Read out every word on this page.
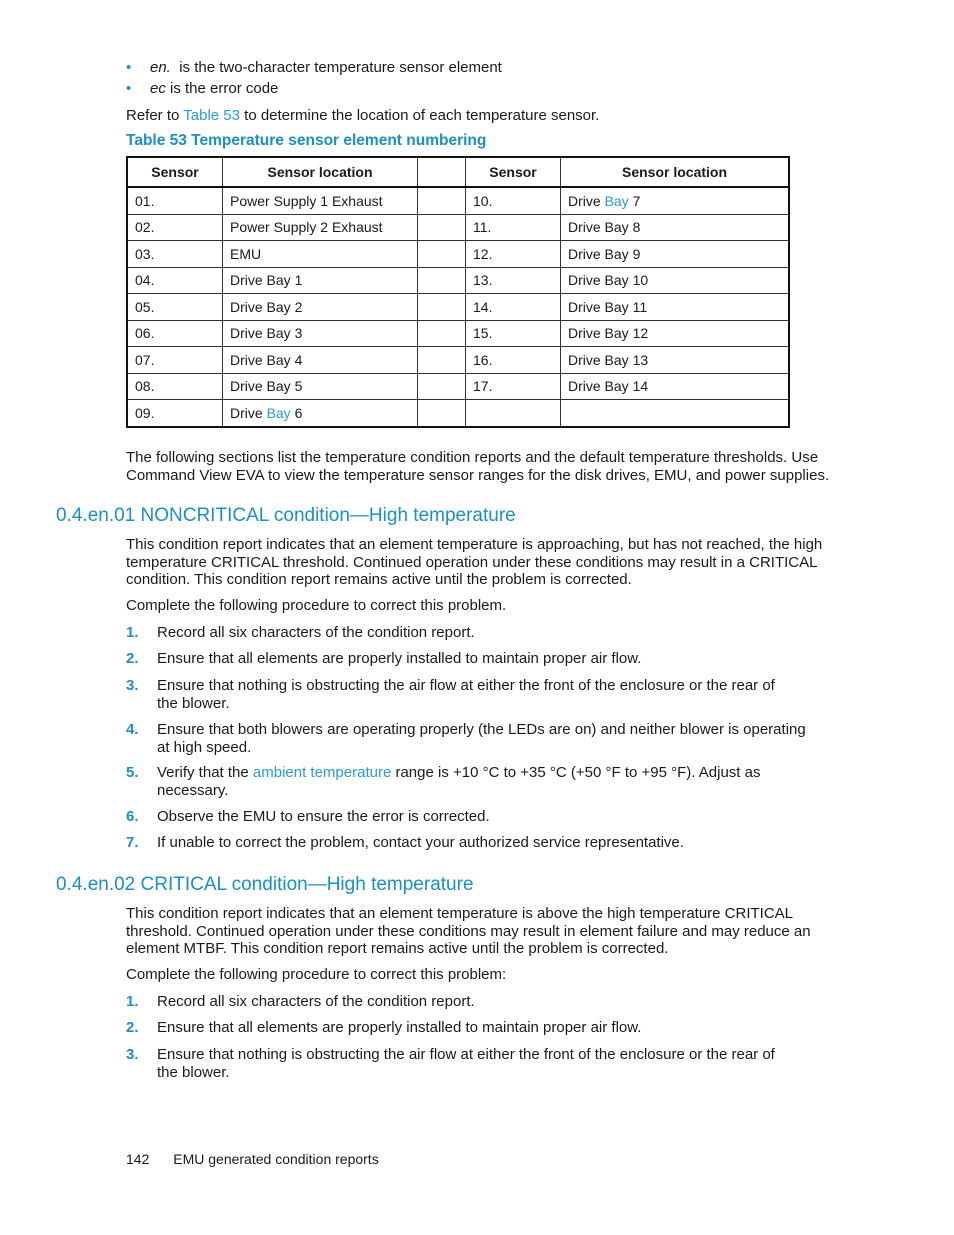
•	en. is the two-character temperature sensor element
•	ec is the error code
Refer to Table 53 to determine the location of each temperature sensor.
Table 53 Temperature sensor element numbering
Sensor	Sensor location		Sensor	Sensor location
01.	Power Supply 1 Exhaust		10.	Drive Bay 7
02.	Power Supply 2 Exhaust		11.	Drive Bay 8
03.	EMU		12.	Drive Bay 9
04.	Drive Bay 1		13.	Drive Bay 10
05.	Drive Bay 2		14.	Drive Bay 11
06.	Drive Bay 3		15.	Drive Bay 12
07.	Drive Bay 4		16.	Drive Bay 13
08.	Drive Bay 5		17.	Drive Bay 14
09.	Drive Bay 6			
The following sections list the temperature condition reports and the default temperature thresholds. Use
Command View EVA to view the temperature sensor ranges for the disk drives, EMU, and power supplies.
0.4.en.01 NONCRITICAL condition—High temperature
This condition report indicates that an element temperature is approaching, but has not reached, the high
temperature CRITICAL threshold. Continued operation under these conditions may result in a CRITICAL
condition. This condition report remains active until the problem is corrected.
Complete the following procedure to correct this problem.
1.	Record all six characters of the condition report.
2.	Ensure that all elements are properly installed to maintain proper air flow.
3.	Ensure that nothing is obstructing the air flow at either the front of the enclosure or the rear of
the blower.
4.	Ensure that both blowers are operating properly (the LEDs are on) and neither blower is operating
at high speed.
5.	Verify that the ambient temperature range is +10 °C to +35 °C (+50 °F to +95 °F). Adjust as
necessary.
6.	Observe the EMU to ensure the error is corrected.
7.	If unable to correct the problem, contact your authorized service representative.
0.4.en.02 CRITICAL condition—High temperature
This condition report indicates that an element temperature is above the high temperature CRITICAL
threshold. Continued operation under these conditions may result in element failure and may reduce an
element MTBF. This condition report remains active until the problem is corrected.
Complete the following procedure to correct this problem:
1.	Record all six characters of the condition report.
2.	Ensure that all elements are properly installed to maintain proper air flow.
3.	Ensure that nothing is obstructing the air flow at either the front of the enclosure or the rear of
the blower.
142 EMU generated condition reports
